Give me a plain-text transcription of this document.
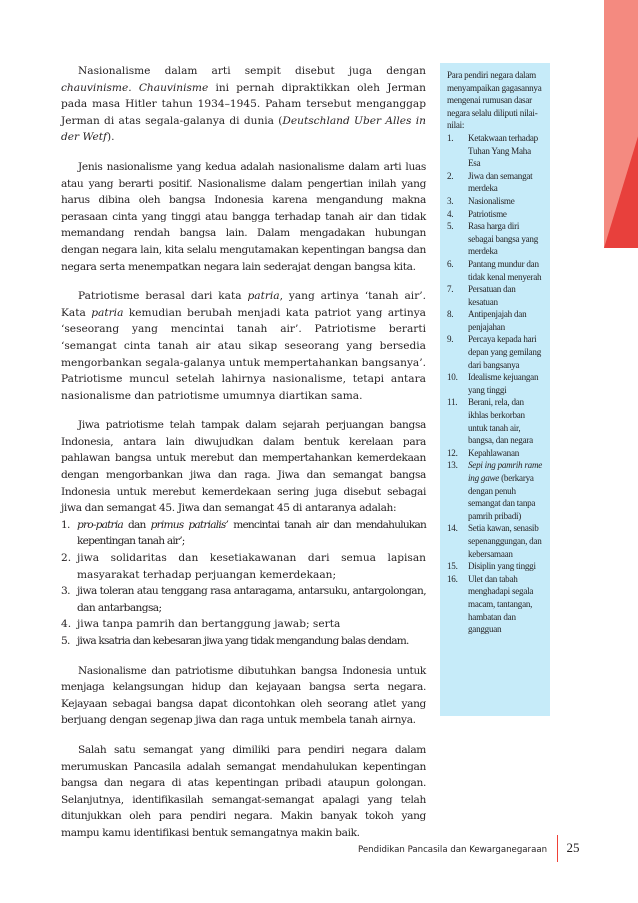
Nasionalisme dalam arti sempit disebut juga dengan chauvinisme. Chauvinisme ini pernah dipraktikkan oleh Jerman pada masa Hitler tahun 1934–1945. Paham tersebut menganggap Jerman di atas segala-galanya di dunia (Deutschland Uber Alles in der Wetf).

Jenis nasionalisme yang kedua adalah nasionalisme dalam arti luas atau yang berarti positif. Nasionalisme dalam pengertian inilah yang harus dibina oleh bangsa Indonesia karena mengandung makna perasaan cinta yang tinggi atau bangga terhadap tanah air dan tidak memandang rendah bangsa lain. Dalam mengadakan hubungan dengan negara lain, kita selalu mengutamakan kepentingan bangsa dan negara serta menempatkan negara lain sederajat dengan bangsa kita.

Patriotisme berasal dari kata patria, yang artinya ‘tanah air’. Kata patria kemudian berubah menjadi kata patriot yang artinya ‘seseorang yang mencintai tanah air’. Patriotisme berarti ‘semangat cinta tanah air atau sikap seseorang yang bersedia mengorbankan segala-galanya untuk mempertahankan bangsanya’. Patriotisme muncul setelah lahirnya nasionalisme, tetapi antara nasionalisme dan patriotisme umumnya diartikan sama.

Jiwa patriotisme telah tampak dalam sejarah perjuangan bangsa Indonesia, antara lain diwujudkan dalam bentuk kerelaan para pahlawan bangsa untuk merebut dan mempertahankan kemerdekaan dengan mengorbankan jiwa dan raga. Jiwa dan semangat bangsa Indonesia untuk merebut kemerdekaan sering juga disebut sebagai jiwa dan semangat 45. Jiwa dan semangat 45 di antaranya adalah:

1. pro-patria dan primus patrialis’ mencintai tanah air dan mendahulukan kepentingan tanah air’;
2. jiwa solidaritas dan kesetiakawanan dari semua lapisan masyarakat terhadap perjuangan kemerdekaan;
3. jiwa toleran atau tenggang rasa antaragama, antarsuku, antargolongan, dan antarbangsa;
4. jiwa tanpa pamrih dan bertanggung jawab; serta
5. jiwa ksatria dan kebesaran jiwa yang tidak mengandung balas dendam.

Nasionalisme dan patriotisme dibutuhkan bangsa Indonesia untuk menjaga kelangsungan hidup dan kejayaan bangsa serta negara. Kejayaan sebagai bangsa dapat dicontohkan oleh seorang atlet yang berjuang dengan segenap jiwa dan raga untuk membela tanah airnya.

Salah satu semangat yang dimiliki para pendiri negara dalam merumuskan Pancasila adalah semangat mendahulukan kepentingan bangsa dan negara di atas kepentingan pribadi ataupun golongan. Selanjutnya, identifikasilah semangat-semangat apalagi yang telah ditunjukkan oleh para pendiri negara. Makin banyak tokoh yang mampu kamu identifikasi bentuk semangatnya makin baik.

Para pendiri negara dalam menyampaikan gagasannya mengenai rumusan dasar negara selalu diliputi nilai-nilai:
1. Ketakwaan terhadap Tuhan Yang Maha Esa
2. Jiwa dan semangat merdeka
3. Nasionalisme
4. Patriotisme
5. Rasa harga diri sebagai bangsa yang merdeka
6. Pantang mundur dan tidak kenal menyerah
7. Persatuan dan kesatuan
8. Antipenjajah dan penjajahan
9. Percaya kepada hari depan yang gemilang dari bangsanya
10. Idealisme kejuangan yang tinggi
11. Berani, rela, dan ikhlas berkorban untuk tanah air, bangsa, dan negara
12. Kepahlawanan
13. Sepi ing pamrih rame ing gawe (berkarya dengan penuh semangat dan tanpa pamrih pribadi)
14. Setia kawan, senasib sepenanggungan, dan kebersamaan
15. Disiplin yang tinggi
16. Ulet dan tabah menghadapi segala macam, tantangan, hambatan dan gangguan
Pendidikan Pancasila dan Kewarganegaraan	25
